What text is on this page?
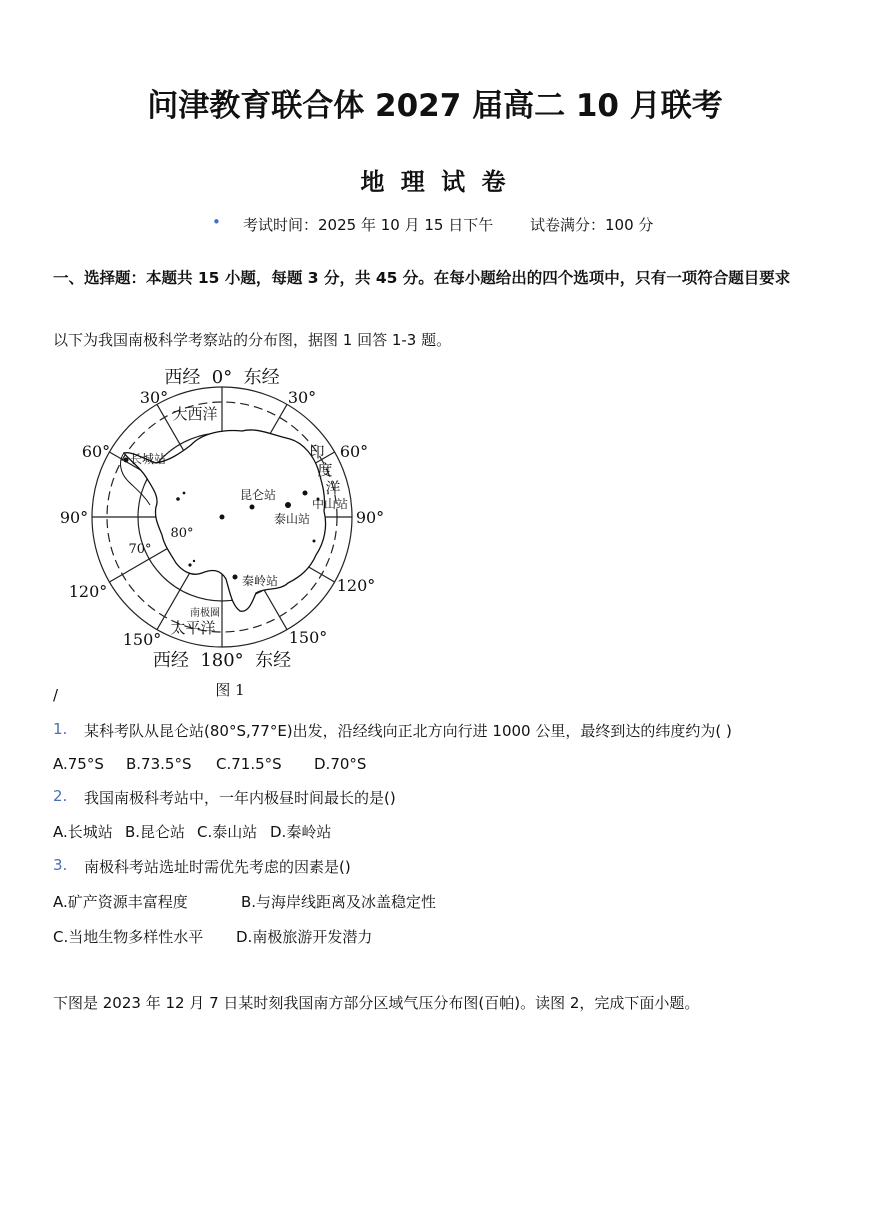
问津教育联合体 2027 届高二 10 月联考
地 理 试 卷
• 考试时间：2025 年 10 月 15 日下午 试卷满分：100 分
一、选择题：本题共 15 小题，每题 3 分，共 45 分。在每小题给出的四个选项中，只有一项符合题目要求
以下为我国南极科学考察站的分布图，据图 1 回答 1-3 题。
西经  0°  东经
西经  180°  东经
30°	30°
60°	60°
90°	90°
120°	120°
150°	150°
80°
70°
大西洋
太平洋
南极圈
长城站
昆仑站
中山站
泰山站
秦岭站
印度洋
图 1
/
1. 某科考队从昆仑站(80°S,77°E)出发，沿经线向正北方向行进 1000 公里，最终到达的纬度约为( )
A.75°S B.73.5°S C.71.5°S D.70°S
2. 我国南极科考站中，一年内极昼时间最长的是()
A.长城站 B.昆仑站 C.泰山站 D.秦岭站
3. 南极科考站选址时需优先考虑的因素是()
A.矿产资源丰富程度	B.与海岸线距离及冰盖稳定性
C.当地生物多样性水平 D.南极旅游开发潜力
下图是 2023 年 12 月 7 日某时刻我国南方部分区域气压分布图(百帕)。读图 2，完成下面小题。
